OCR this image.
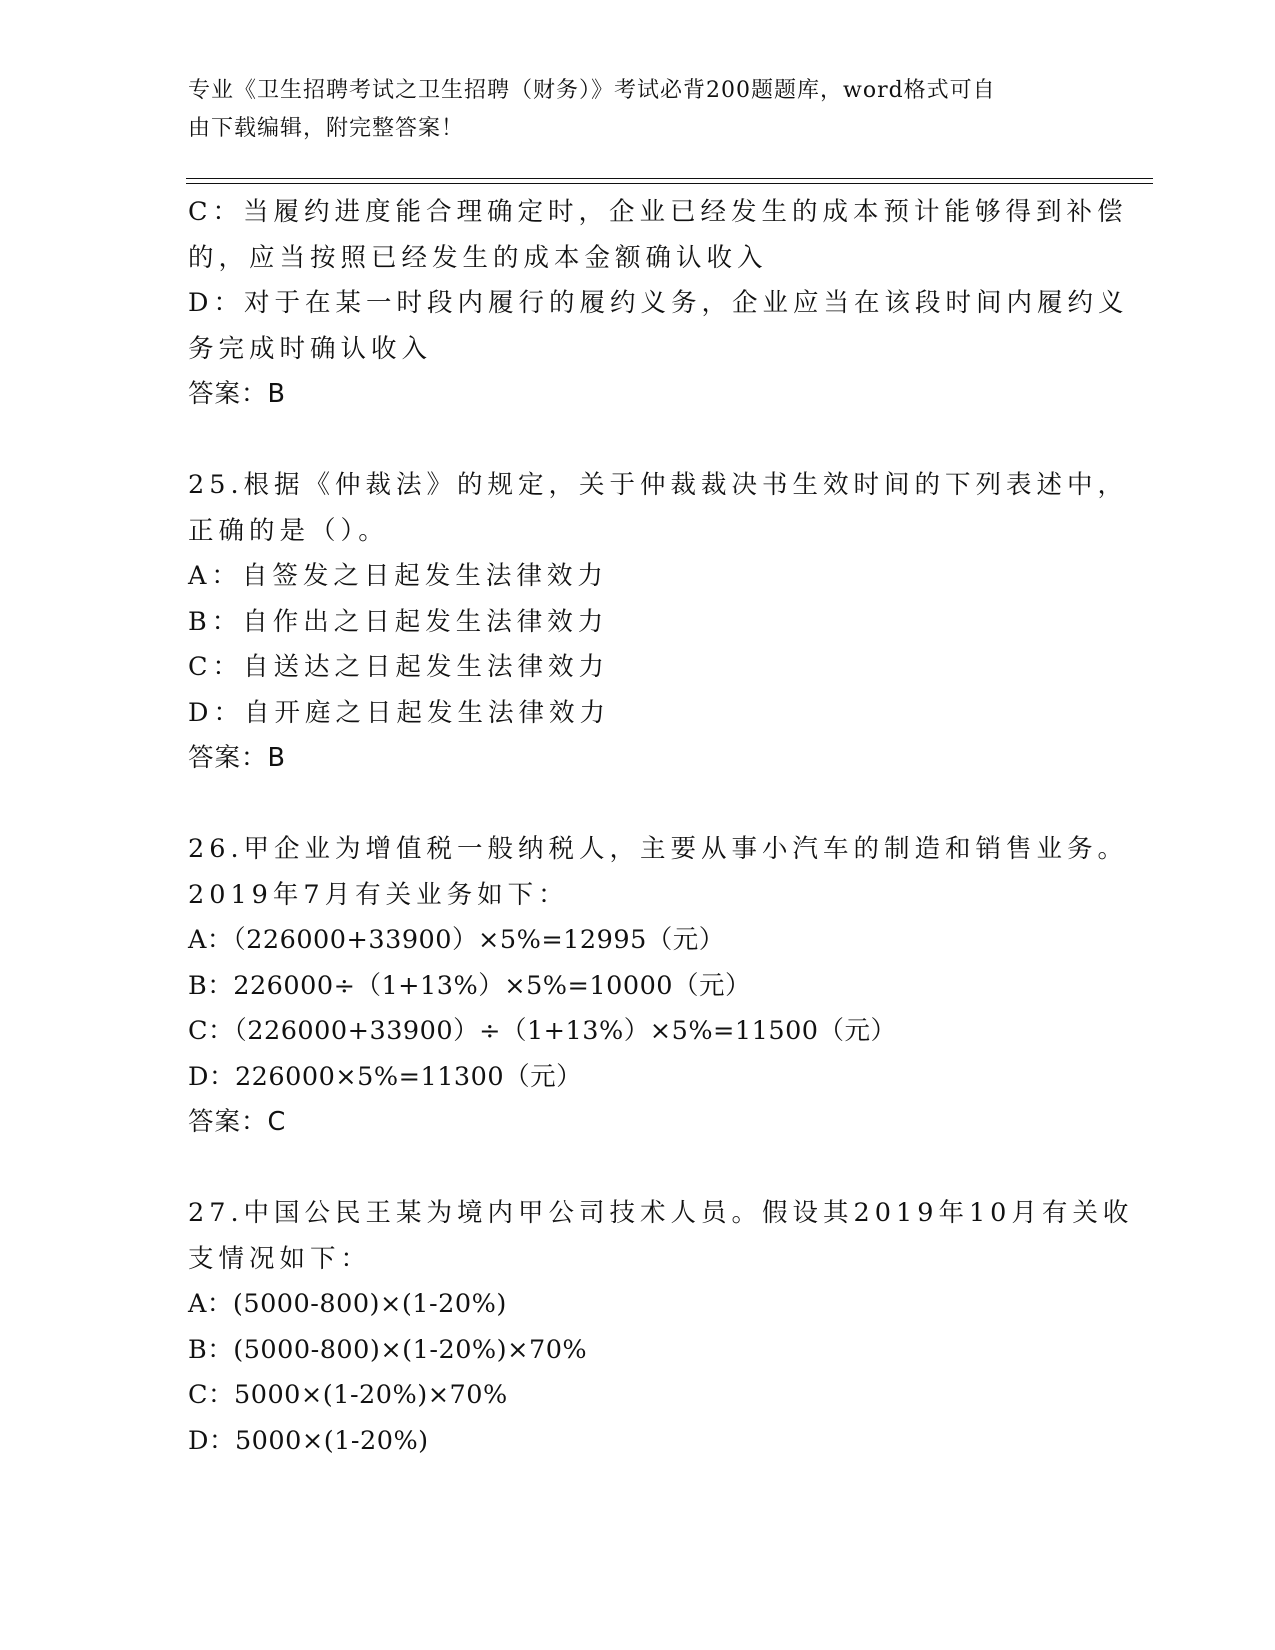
专业《卫生招聘考试之卫生招聘（财务）》考试必背200题题库，word格式可自
由下载编辑，附完整答案！
C：当履约进度能合理确定时，企业已经发生的成本预计能够得到补偿
的，应当按照已经发生的成本金额确认收入
D：对于在某一时段内履行的履约义务，企业应当在该段时间内履约义
务完成时确认收入
答案：B
25.根据《仲裁法》的规定，关于仲裁裁决书生效时间的下列表述中，
正确的是（）。
A：自签发之日起发生法律效力
B：自作出之日起发生法律效力
C：自送达之日起发生法律效力
D：自开庭之日起发生法律效力
答案：B
26.甲企业为增值税一般纳税人，主要从事小汽车的制造和销售业务。
2019年7月有关业务如下：
A：（226000+33900）×5%=12995（元）
B：226000÷（1+13%）×5%=10000（元）
C：（226000+33900）÷（1+13%）×5%=11500（元）
D：226000×5%=11300（元）
答案：C
27.中国公民王某为境内甲公司技术人员。假设其2019年10月有关收
支情况如下：
A：(5000-800)×(1-20%)
B：(5000-800)×(1-20%)×70%
C：5000×(1-20%)×70%
D：5000×(1-20%)
